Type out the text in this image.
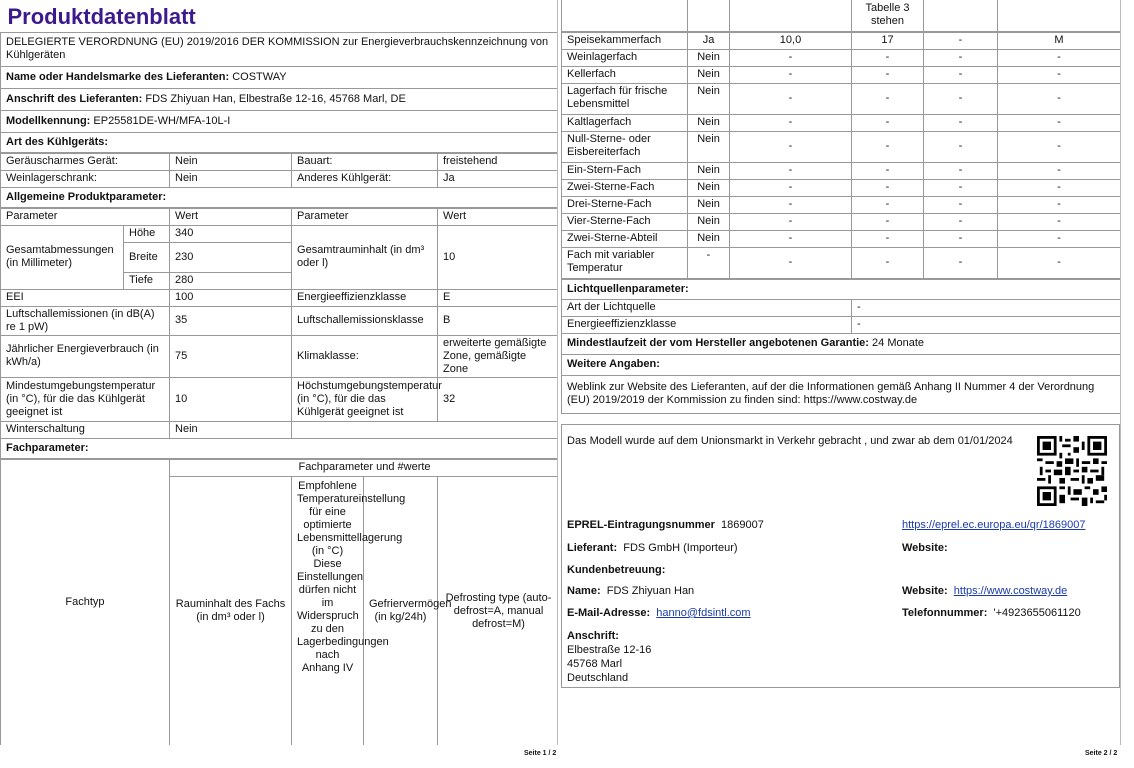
Produktdatenblatt
DELEGIERTE VERORDNUNG (EU) 2019/2016 DER KOMMISSION zur Energieverbrauchskennzeichnung von Kühlgeräten
Name oder Handelsmarke des Lieferanten: COSTWAY
Anschrift des Lieferanten: FDS Zhiyuan Han, Elbestraße 12-16, 45768 Marl, DE
Modellkennung: EP25581DE-WH/MFA-10L-I
Art des Kühlgeräts:
Geräuscharmes Gerät:	Nein	Bauart:	freistehend
Weinlagerschrank:	Nein	Anderes Kühlgerät:	Ja
Allgemeine Produktparameter:			
Parameter		Wert	Parameter	Wert
Gesamtabmessungen (in Millimeter)	Höhe	340	Gesamtrauminhalt (in dm³ oder l)	10
	Breite	230		
	Tiefe	280		
EEI		100	Energieeffizienzklasse	E
Luftschallemissionen (in dB(A) re 1 pW)		35	Luftschallemissionsklasse	B
Jährlicher Energieverbrauch (in kWh/a)		75	Klimaklasse:	erweiterte gemäßigte Zone, gemäßigte Zone
Mindestumgebungstemperatur (in °C), für die das Kühlgerät geeignet ist		10	Höchstumgebungstemperatur (in °C), für die das Kühlgerät geeignet ist	32
Winterschaltung		Nein		
Fachparameter:				
Fachtyp	Fachparameter und #werte			
	Rauminhalt des Fachs (in dm³ oder l)	Empfohlene Temperatureinstellung für eine optimierte Lebensmittellagerung (in °C) Diese Einstellungen dürfen nicht im Widerspruch zu den Lagerbedingungen nach Anhang IV	Gefriervermögen (in kg/24h)	Defrosting type (auto-defrost=A, manual defrost=M)
Seite 1 / 2
			Tabelle 3 stehen		
Speisekammerfach	Ja	10,0	17	-	M
Weinlagerfach	Nein	-	-	-	-
Kellerfach	Nein	-	-	-	-
Lagerfach für frische Lebensmittel	Nein	-	-	-	-
Kaltlagerfach	Nein	-	-	-	-
Null-Sterne- oder Eisbereiterfach	Nein	-	-	-	-
Ein-Stern-Fach	Nein	-	-	-	-
Zwei-Sterne-Fach	Nein	-	-	-	-
Drei-Sterne-Fach	Nein	-	-	-	-
Vier-Sterne-Fach	Nein	-	-	-	-
Zwei-Sterne-Abteil	Nein	-	-	-	-
Fach mit variabler Temperatur	-	-	-	-	-
Lichtquellenparameter:	
Art der Lichtquelle	-
Energieeffizienzklasse	-
Mindestlaufzeit der vom Hersteller angebotenen Garantie: 24 Monate	
Weitere Angaben:	
Weblink zur Website des Lieferanten, auf der die Informationen gemäß Anhang II Nummer 4 der Verordnung (EU) 2019/2019 der Kommission zu finden sind: https://www.costway.de	
Das Modell wurde auf dem Unionsmarkt in Verkehr gebracht , und zwar ab dem 01/01/2024
EPREL-Eintragungsnummer 1869007	https://eprel.ec.europa.eu/qr/1869007
Lieferant: FDS GmbH (Importeur)	Website:
Kundenbetreuung:
Name: FDS Zhiyuan Han	Website: https://www.costway.de
E-Mail-Adresse: hanno@fdsintl.com	Telefonnummer: '+4923655061120
Anschrift:
Elbestraße 12-16
45768 Marl
Deutschland
Seite 2 / 2
